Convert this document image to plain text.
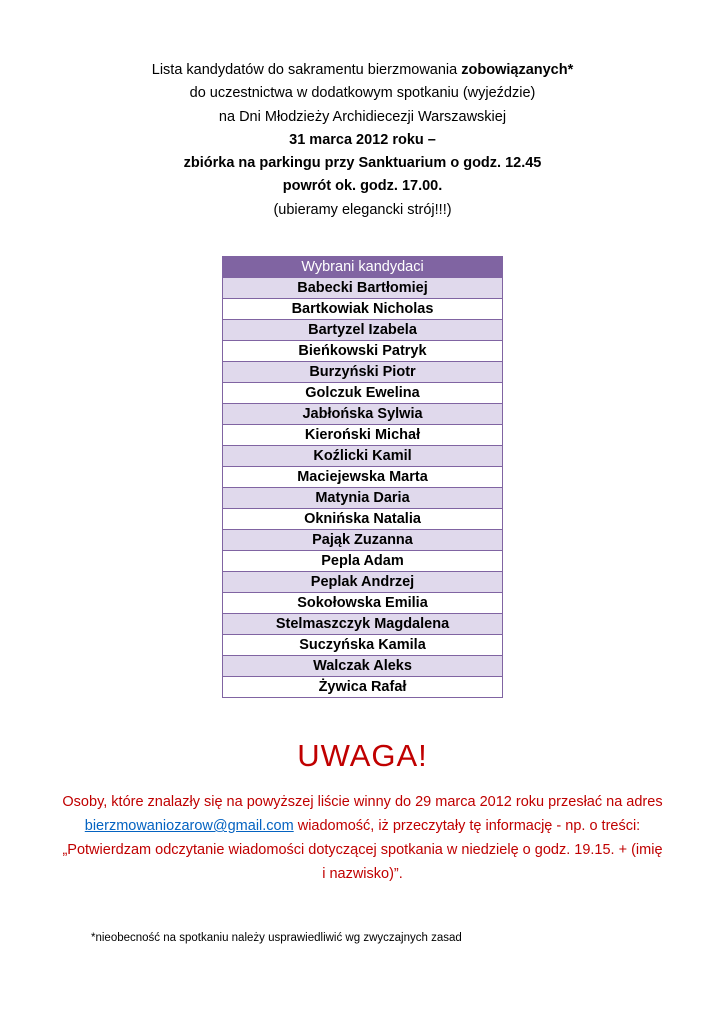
Lista kandydatów do sakramentu bierzmowania zobowiązanych*
do uczestnictwa w dodatkowym spotkaniu (wyjeździe)
na Dni Młodzieży Archidiecezji Warszawskiej
31 marca 2012 roku –
zbiórka na parkingu przy Sanktuarium o godz. 12.45
powrót ok. godz. 17.00.
(ubieramy elegancki strój!!!)
Wybrani kandydaci
Babecki Bartłomiej
Bartkowiak Nicholas
Bartyzel Izabela
Bieńkowski Patryk
Burzyński Piotr
Golczuk Ewelina
Jabłońska Sylwia
Kieroński Michał
Koźlicki Kamil
Maciejewska Marta
Matynia Daria
Oknińska Natalia
Pająk Zuzanna
Pepla Adam
Peplak Andrzej
Sokołowska Emilia
Stelmaszczyk Magdalena
Suczyńska Kamila
Walczak Aleks
Żywica Rafał
UWAGA!
Osoby, które znalazły się na powyższej liście winny do 29 marca 2012 roku przesłać na adres bierzmowaniozarow@gmail.com wiadomość, iż przeczytały tę informację - np. o treści: „Potwierdzam odczytanie wiadomości dotyczącej spotkania w niedzielę o godz. 19.15. + (imię i nazwisko)”.
*nieobecność na spotkaniu należy usprawiedliwić wg zwyczajnych zasad
